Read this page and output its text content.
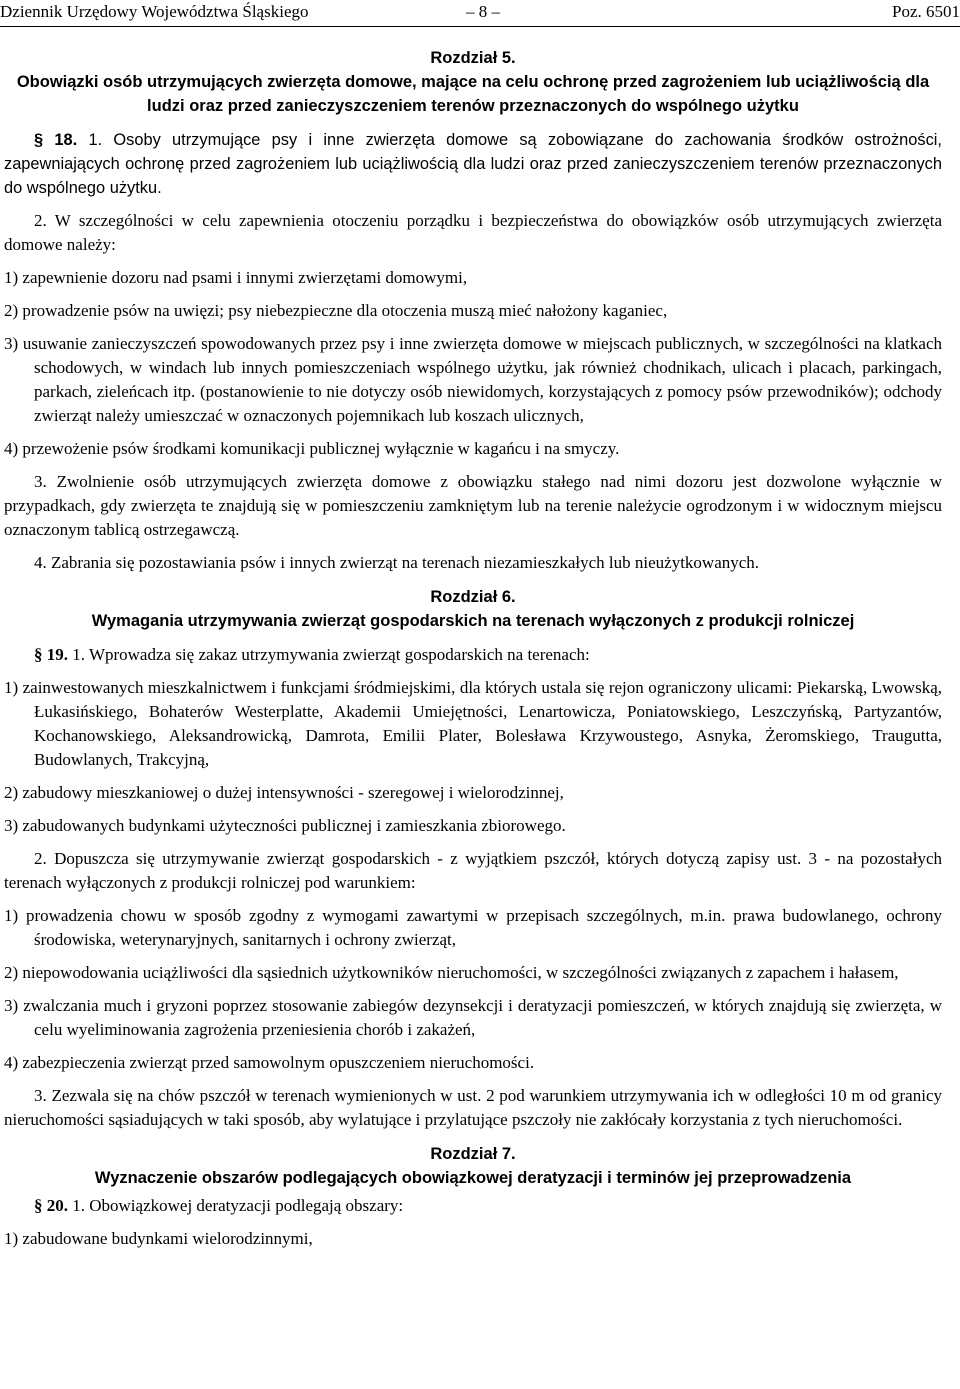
Dziennik Urzędowy Województwa Śląskiego	– 8 –	Poz. 6501

Rozdział 5.

Obowiązki osób utrzymujących zwierzęta domowe, mające na celu ochronę przed zagrożeniem lub uciążliwością dla ludzi oraz przed zanieczyszczeniem terenów przeznaczonych do wspólnego użytku

§ 18. 1. Osoby utrzymujące psy i inne zwierzęta domowe są zobowiązane do zachowania środków ostrożności, zapewniających ochronę przed zagrożeniem lub uciążliwością dla ludzi oraz przed zanieczyszczeniem terenów przeznaczonych do wspólnego użytku.

2. W szczególności w celu zapewnienia otoczeniu porządku i bezpieczeństwa do obowiązków osób utrzymujących zwierzęta domowe należy:

1) zapewnienie dozoru nad psami i innymi zwierzętami domowymi,

2) prowadzenie psów na uwięzi; psy niebezpieczne dla otoczenia muszą mieć nałożony kaganiec,

3) usuwanie zanieczyszczeń spowodowanych przez psy i inne zwierzęta domowe w miejscach publicznych, w szczególności na klatkach schodowych, w windach lub innych pomieszczeniach wspólnego użytku, jak również chodnikach, ulicach i placach, parkingach, parkach, zieleńcach itp. (postanowienie to nie dotyczy osób niewidomych, korzystających z pomocy psów przewodników); odchody zwierząt należy umieszczać w oznaczonych pojemnikach lub koszach ulicznych,

4) przewożenie psów środkami komunikacji publicznej wyłącznie w kagańcu i na smyczy.

3. Zwolnienie osób utrzymujących zwierzęta domowe z obowiązku stałego nad nimi dozoru jest dozwolone wyłącznie w przypadkach, gdy zwierzęta te znajdują się w pomieszczeniu zamkniętym lub na terenie należycie ogrodzonym i w widocznym miejscu oznaczonym tablicą ostrzegawczą.

4. Zabrania się pozostawiania psów i innych zwierząt na terenach niezamieszkałych lub nieużytkowanych.

Rozdział 6.

Wymagania utrzymywania zwierząt gospodarskich na terenach wyłączonych z produkcji rolniczej

§ 19. 1. Wprowadza się zakaz utrzymywania zwierząt gospodarskich na terenach:

1) zainwestowanych mieszkalnictwem i funkcjami śródmiejskimi, dla których ustala się rejon ograniczony ulicami: Piekarską, Lwowską, Łukasińskiego, Bohaterów Westerplatte, Akademii Umiejętności, Lenartowicza, Poniatowskiego, Leszczyńską, Partyzantów, Kochanowskiego, Aleksandrowicką, Damrota, Emilii Plater, Bolesława Krzywoustego, Asnyka, Żeromskiego, Traugutta, Budowlanych, Trakcyjną,

2) zabudowy mieszkaniowej o dużej intensywności - szeregowej i wielorodzinnej,

3) zabudowanych budynkami użyteczności publicznej i zamieszkania zbiorowego.

2. Dopuszcza się utrzymywanie zwierząt gospodarskich - z wyjątkiem pszczół, których dotyczą zapisy ust. 3 - na pozostałych terenach wyłączonych z produkcji rolniczej pod warunkiem:

1) prowadzenia chowu w sposób zgodny z wymogami zawartymi w przepisach szczególnych, m.in. prawa budowlanego, ochrony środowiska, weterynaryjnych, sanitarnych i ochrony zwierząt,

2) niepowodowania uciążliwości dla sąsiednich użytkowników nieruchomości, w szczególności związanych z zapachem i hałasem,

3) zwalczania much i gryzoni poprzez stosowanie zabiegów dezynsekcji i deratyzacji pomieszczeń, w których znajdują się zwierzęta, w celu wyeliminowania zagrożenia przeniesienia chorób i zakażeń,

4) zabezpieczenia zwierząt przed samowolnym opuszczeniem nieruchomości.

3. Zezwala się na chów pszczół w terenach wymienionych w ust. 2 pod warunkiem utrzymywania ich w odległości 10 m od granicy nieruchomości sąsiadujących w taki sposób, aby wylatujące i przylatujące pszczoły nie zakłócały korzystania z tych nieruchomości.

Rozdział 7.

Wyznaczenie obszarów podlegających obowiązkowej deratyzacji i terminów jej przeprowadzenia

§ 20. 1. Obowiązkowej deratyzacji podlegają obszary:

1) zabudowane budynkami wielorodzinnymi,
